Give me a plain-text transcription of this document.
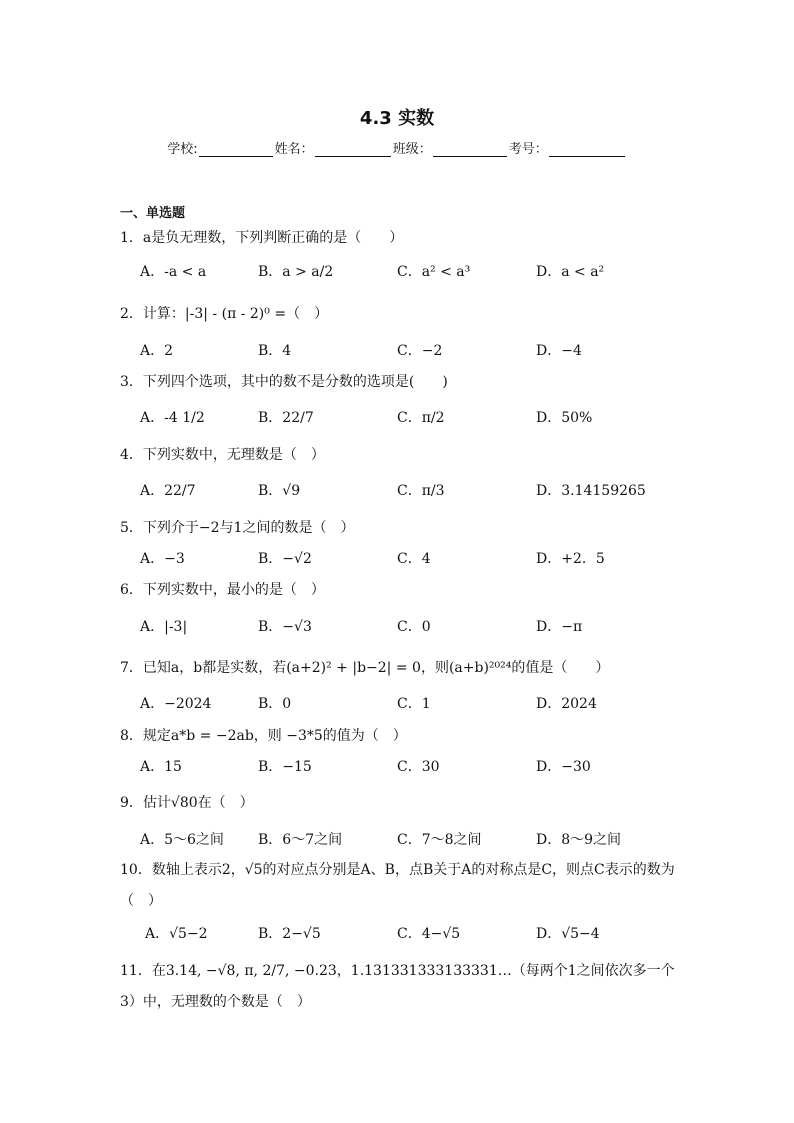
4.3 实数
学校:	姓名：	班级：	考号：
一、单选题
1．a是负无理数，下列判断正确的是（　　）
A．-a < a	B．a > a/2	C．a² < a³	D．a < a²
2．计算：|-3| - (π - 2)⁰ =（　）
A．2	B．4	C．−2	D．−4
3．下列四个选项，其中的数不是分数的选项是(　　)
A．-4 1/2	B．22/7	C．π/2	D．50%
4．下列实数中，无理数是（　）
A．22/7	B．√9	C．π/3	D．3.14159265
5．下列介于−2与1之间的数是（　）
A．−3	B．−√2	C．4	D．+2．5
6．下列实数中，最小的是（　）
A．|-3|	B．−√3	C．0	D．−π
7．已知a，b都是实数，若(a+2)² + |b−2| = 0，则(a+b)²⁰²⁴的值是（　　）
A．−2024	B．0	C．1	D．2024
8．规定a*b = −2ab，则 −3*5的值为（　）
A．15	B．−15	C．30	D．−30
9．估计√80在（　）
A．5～6之间 B．6～7之间	C．7～8之间	D．8～9之间
10．数轴上表示2，√5的对应点分别是A、B，点B关于A的对称点是C，则点C表示的数为（　）
A．√5−2	B．2−√5	C．4−√5	D．√5−4
11．在3.14, −√8, π, 2/7, −0.23，1.131331333133331…（每两个1之间依次多一个3）中，无理数的个数是（　）
